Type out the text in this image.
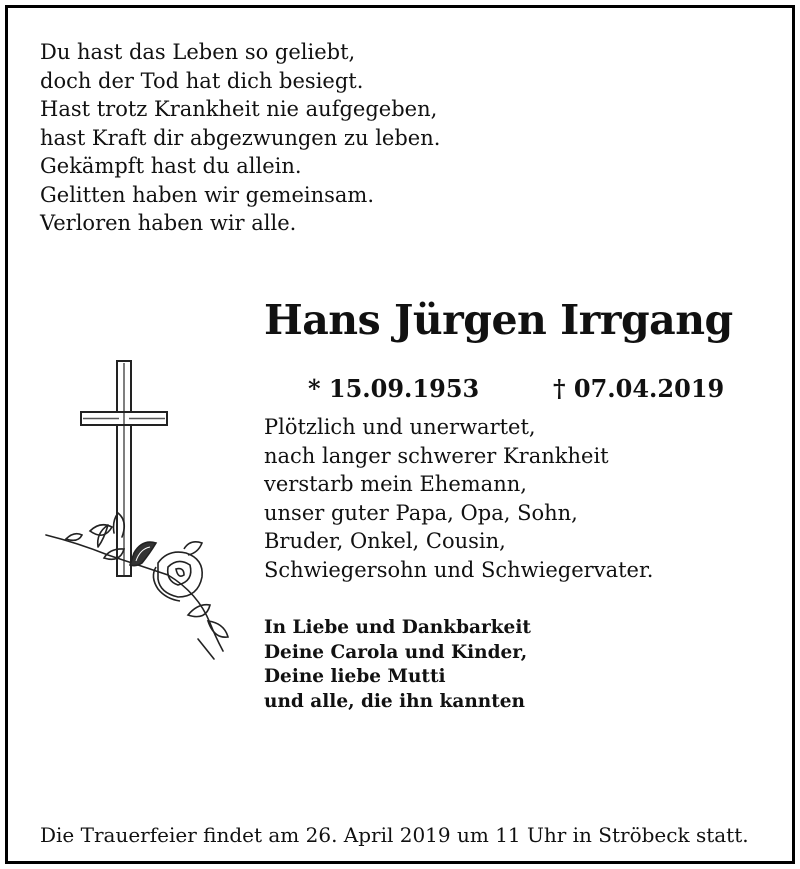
Du hast das Leben so geliebt,
doch der Tod hat dich besiegt.
Hast trotz Krankheit nie aufgegeben,
hast Kraft dir abgezwungen zu leben.
Gekämpft hast du allein.
Gelitten haben wir gemeinsam.
Verloren haben wir alle.
Hans Jürgen Irrgang
* 15.09.1953	† 07.04.2019
Plötzlich und unerwartet,
nach langer schwerer Krankheit
verstarb mein Ehemann,
unser guter Papa, Opa, Sohn,
Bruder, Onkel, Cousin,
Schwiegersohn und Schwiegervater.
In Liebe und Dankbarkeit
Deine Carola und Kinder,
Deine liebe Mutti
und alle, die ihn kannten
Die Trauerfeier findet am 26. April 2019 um 11 Uhr in Ströbeck statt.
